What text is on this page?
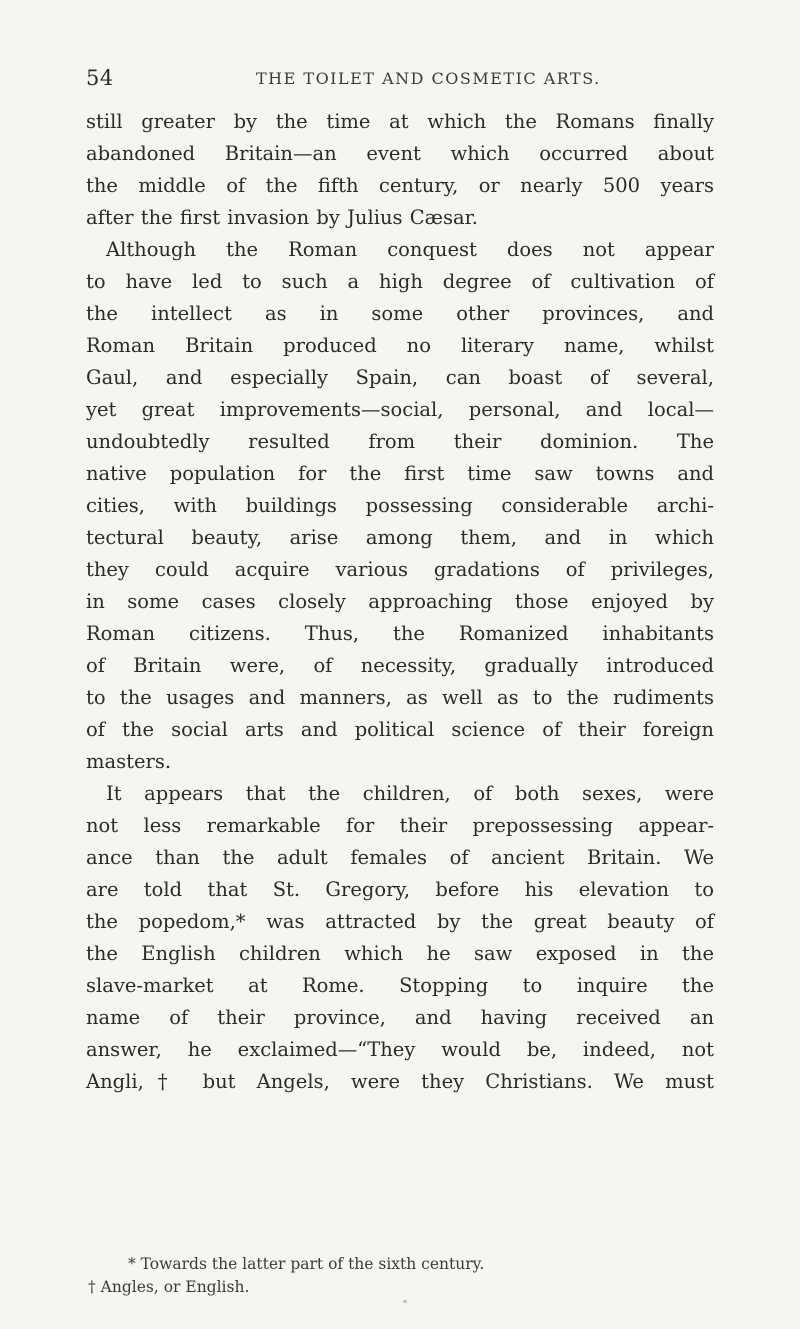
54	THE TOILET AND COSMETIC ARTS.
still greater by the time at which the Romans finally
abandoned Britain—an event which occurred about
the middle of the fifth century, or nearly 500 years
after the first invasion by Julius Cæsar.
Although the Roman conquest does not appear
to have led to such a high degree of cultivation of
the intellect as in some other provinces, and
Roman Britain produced no literary name, whilst
Gaul, and especially Spain, can boast of several,
yet great improvements—social, personal, and local—
undoubtedly resulted from their dominion. The
native population for the first time saw towns and
cities, with buildings possessing considerable archi-
tectural beauty, arise among them, and in which
they could acquire various gradations of privileges,
in some cases closely approaching those enjoyed by
Roman citizens. Thus, the Romanized inhabitants
of Britain were, of necessity, gradually introduced
to the usages and manners, as well as to the rudiments
of the social arts and political science of their foreign
masters.
It appears that the children, of both sexes, were
not less remarkable for their prepossessing appear-
ance than the adult females of ancient Britain. We
are told that St. Gregory, before his elevation to
the popedom,* was attracted by the great beauty of
the English children which he saw exposed in the
slave-market at Rome. Stopping to inquire the
name of their province, and having received an
answer, he exclaimed—“They would be, indeed, not
Angli,† but Angels, were they Christians. We must
* Towards the latter part of the sixth century.
† Angles, or English.
